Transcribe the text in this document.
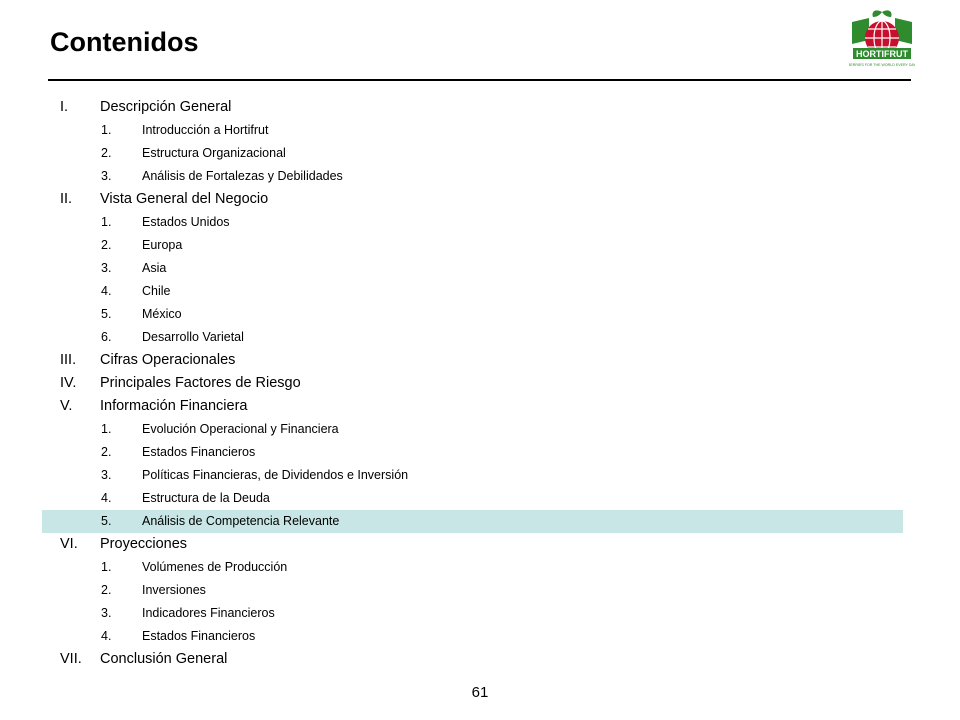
Contenidos	HORTIFRUT
BERRIES FOR THE WORLD EVERY DAY
I. Descripción General
1. Introducción a Hortifrut
2. Estructura Organizacional
3. Análisis de Fortalezas y Debilidades
II. Vista General del Negocio
1. Estados Unidos
2. Europa
3. Asia
4. Chile
5. México
6. Desarrollo Varietal
III. Cifras Operacionales
IV. Principales Factores de Riesgo
V. Información Financiera
1. Evolución Operacional y Financiera
2. Estados Financieros
3. Políticas Financieras, de Dividendos e Inversión
4. Estructura de la Deuda
5. Análisis de Competencia Relevante
VI. Proyecciones
1. Volúmenes de Producción
2. Inversiones
3. Indicadores Financieros
4. Estados Financieros
VII. Conclusión General
61
